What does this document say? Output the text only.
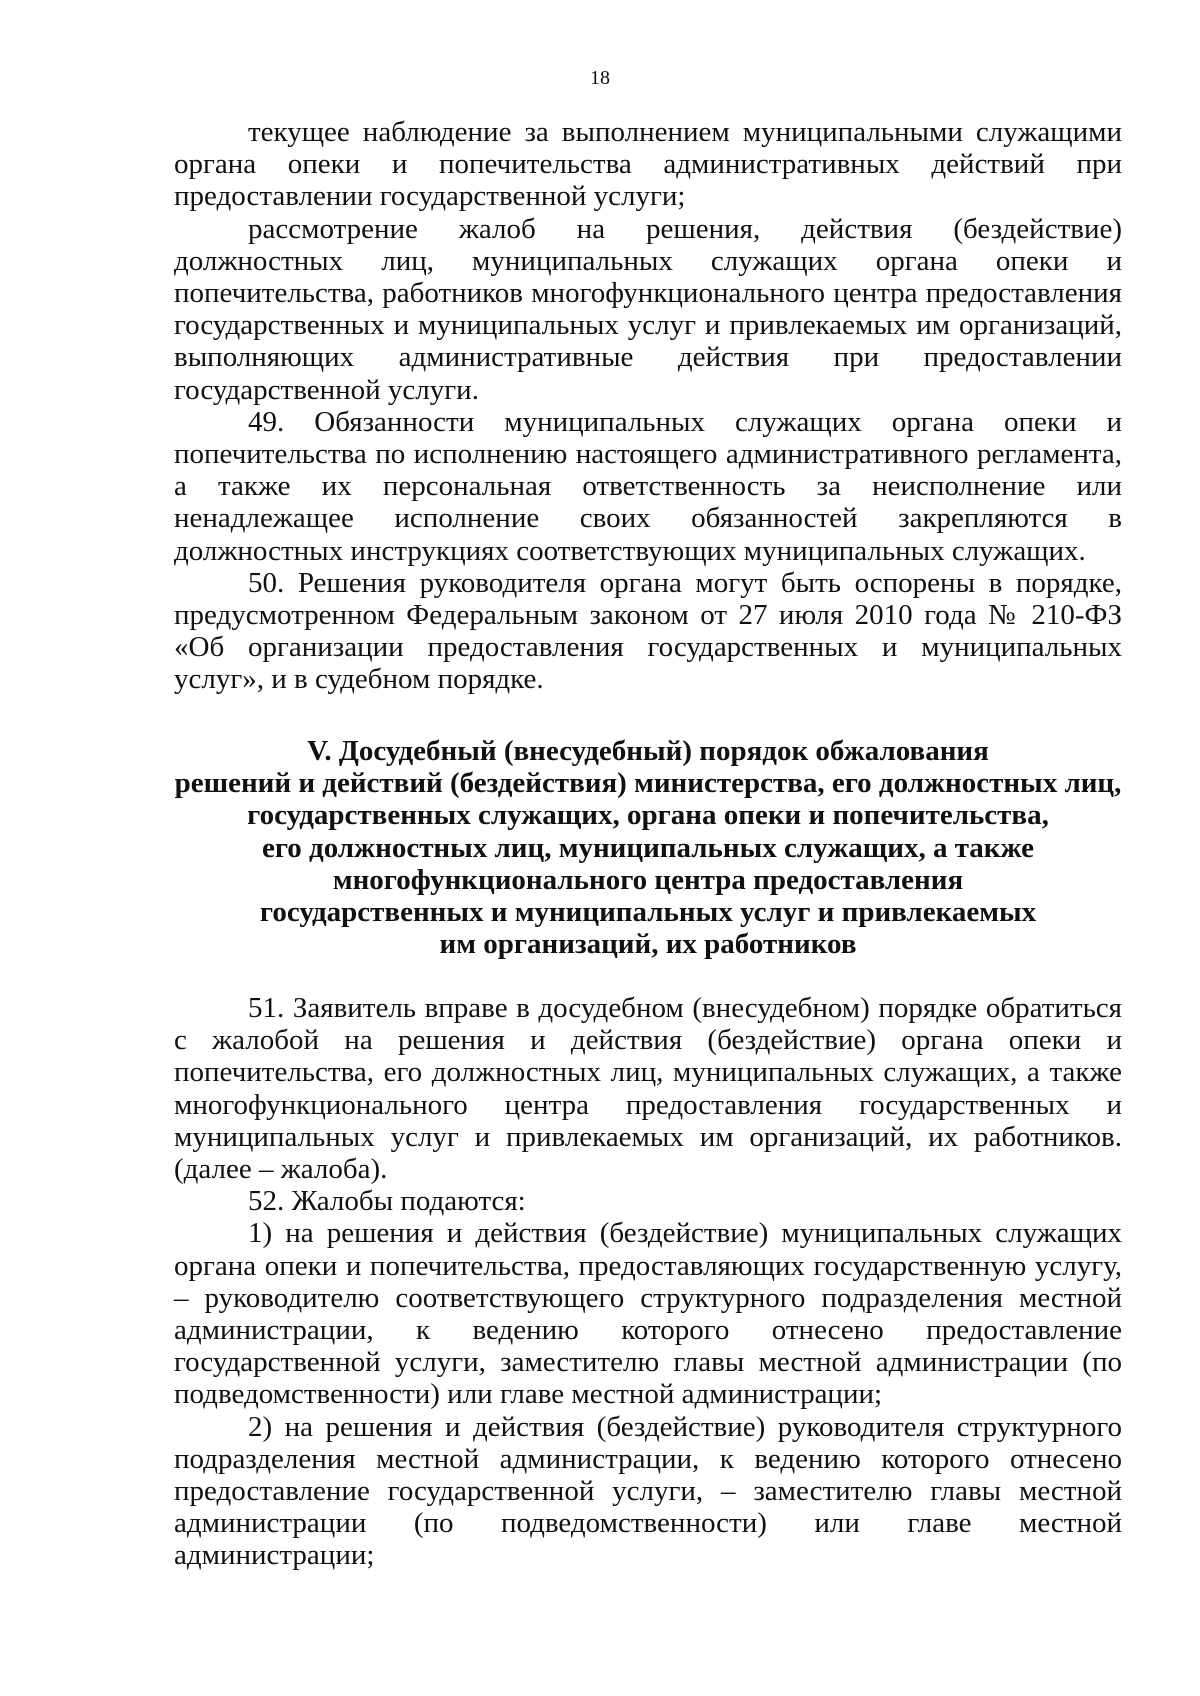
18

текущее наблюдение за выполнением муниципальными служащими органа опеки и попечительства административных действий при предоставлении государственной услуги;

рассмотрение жалоб на решения, действия (бездействие) должностных лиц, муниципальных служащих органа опеки и попечительства, работников многофункционального центра предоставления государственных и муниципальных услуг и привлекаемых им организаций, выполняющих административные действия при предоставлении государственной услуги.

49. Обязанности муниципальных служащих органа опеки и попечительства по исполнению настоящего административного регламента, а также их персональная ответственность за неисполнение или ненадлежащее исполнение своих обязанностей закрепляются в должностных инструкциях соответствующих муниципальных служащих.

50. Решения руководителя органа могут быть оспорены в порядке, предусмотренном Федеральным законом от 27 июля 2010 года № 210-ФЗ «Об организации предоставления государственных и муниципальных услуг», и в судебном порядке.

V. Досудебный (внесудебный) порядок обжалования
решений и действий (бездействия) министерства, его должностных лиц,
государственных служащих, органа опеки и попечительства,
его должностных лиц, муниципальных служащих, а также
многофункционального центра предоставления
государственных и муниципальных услуг и привлекаемых
им организаций, их работников

51. Заявитель вправе в досудебном (внесудебном) порядке обратиться с жалобой на решения и действия (бездействие) органа опеки и попечительства, его должностных лиц, муниципальных служащих, а также многофункционального центра предоставления государственных и муниципальных услуг и привлекаемых им организаций, их работников. (далее – жалоба).

52. Жалобы подаются:

1) на решения и действия (бездействие) муниципальных служащих органа опеки и попечительства, предоставляющих государственную услугу, – руководителю соответствующего структурного подразделения местной администрации, к ведению которого отнесено предоставление государственной услуги, заместителю главы местной администрации (по подведомственности) или главе местной администрации;

2) на решения и действия (бездействие) руководителя структурного подразделения местной администрации, к ведению которого отнесено предоставление государственной услуги, – заместителю главы местной администрации (по подведомственности) или главе местной администрации;
